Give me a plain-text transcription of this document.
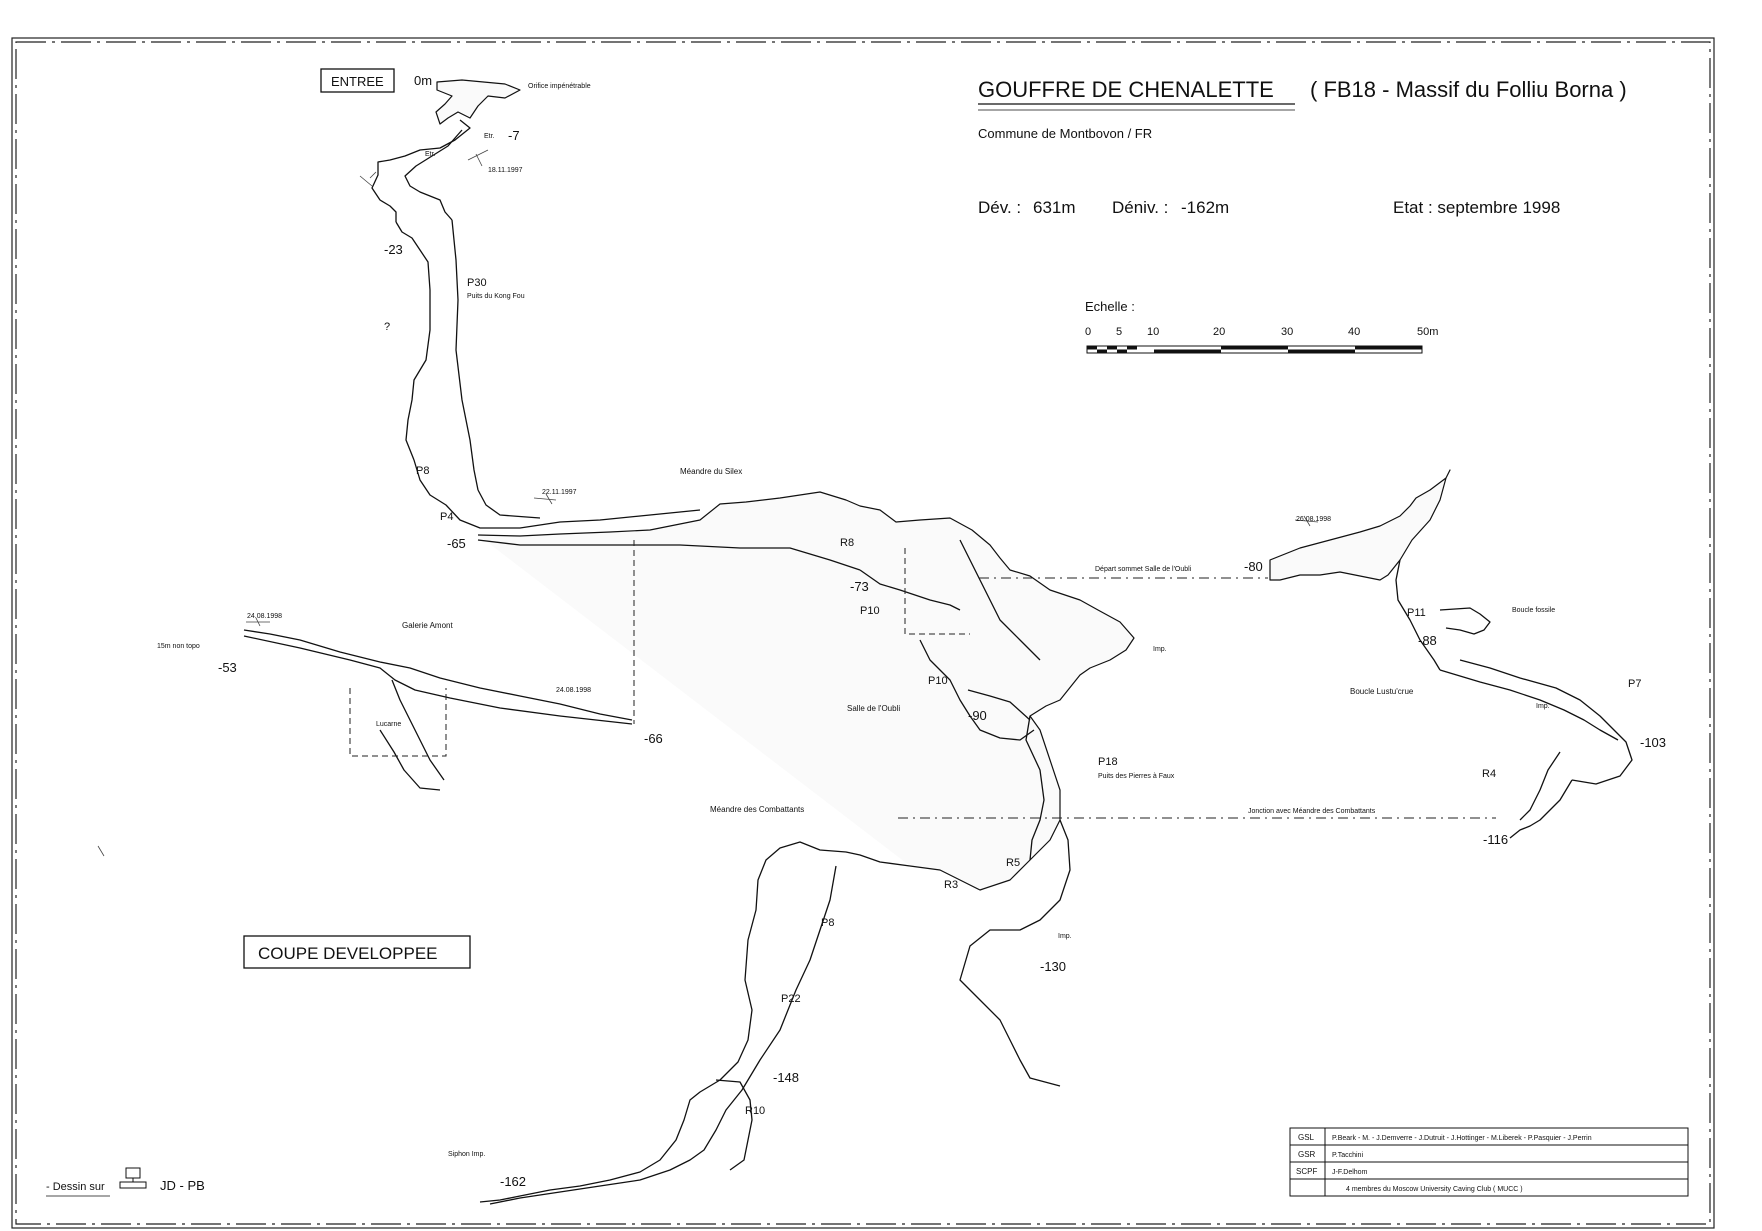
GOUFFRE DE CHENALETTE ( FB18 - Massif du Folliu Borna )
Commune de Montbovon / FR
Dév. : 631m Déniv. : -162m	Etat : septembre 1998
Echelle :
0 5 10	20	30	40	50m
ENTREE
COUPE DEVELOPPEE
Orifice impénétrable
Etr.
Etr.
18.11.1997
P30
Puits du Kong Fou
?
P8
P4
22.11.1997
Méandre du Silex
R8
P10
Départ sommet Salle de l'Oubli
26.08.1998
P11	Boucle fossile
24.08.1998
Galerie Amont
15m non topo
24.08.1998
Lucarne
P10
Salle de l'Oubli
Imp.
Boucle Lustu'crue
P7
Imp.
P18
Puits des Pierres à Faux
Méandre des Combattants	Jonction avec Méandre des Combattants
R4
R5
R3
Imp.
P8
P22
R10
Siphon Imp.
0m
-7
-23
-65
-73
-80
-88
-53
-66
-90
-103
-116
-130
-148
-162
GSL	P.Beark - M. - J.Demverre - J.Dutruit - J.Hottinger - M.Liberek - P.Pasquier - J.Perrin
GSR P.Tacchini
SCPF J-F.Delhom
4 membres du Moscow University Caving Club ( MUCC )
- Dessin sur	JD - PB
